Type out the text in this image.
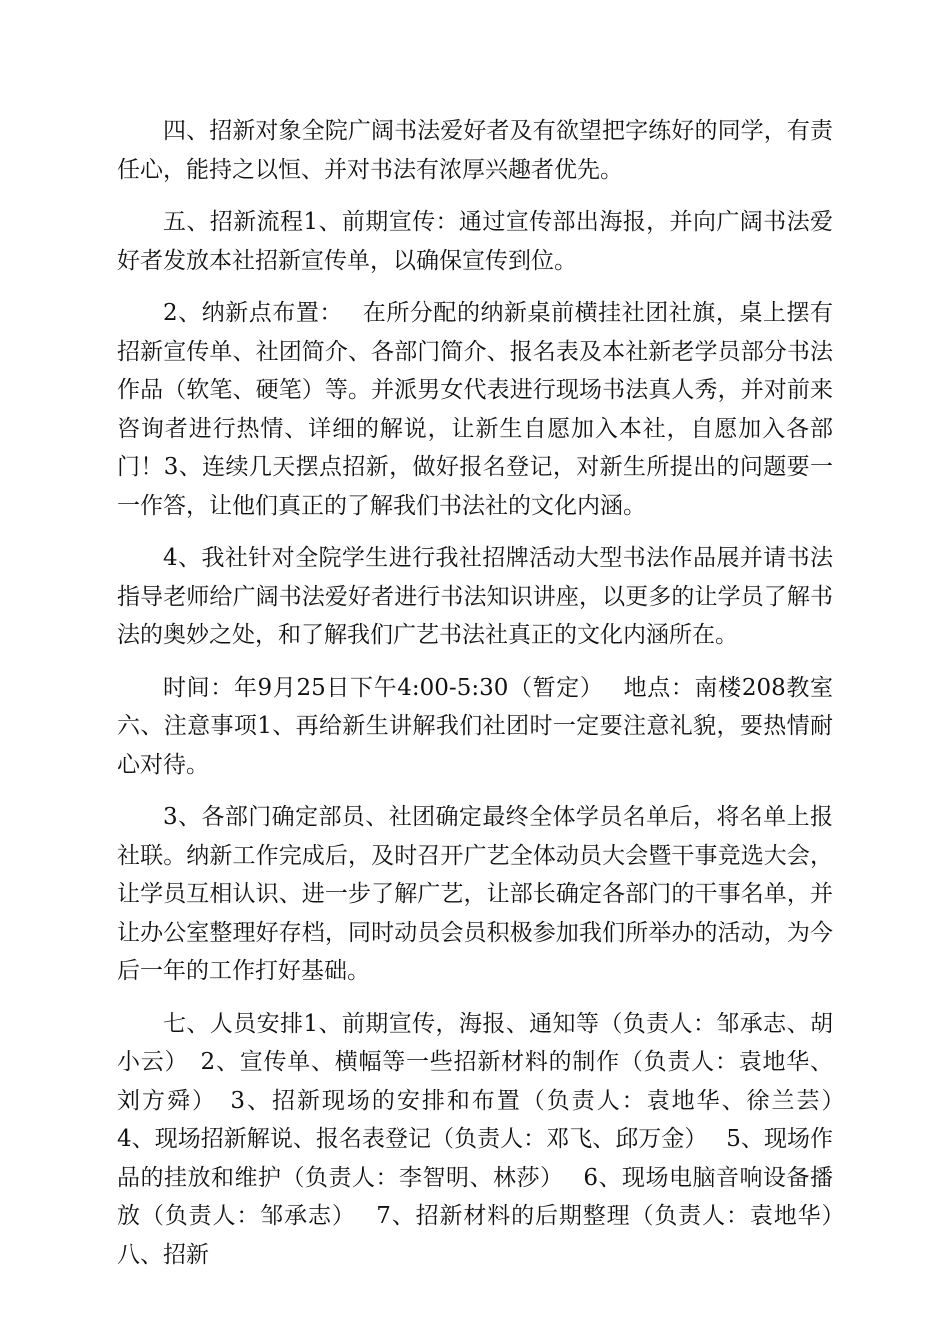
四、招新对象全院广阔书法爱好者及有欲望把字练好的同学，有责任心，能持之以恒、并对书法有浓厚兴趣者优先。

五、招新流程1、前期宣传：通过宣传部出海报，并向广阔书法爱好者发放本社招新宣传单，以确保宣传到位。

2、纳新点布置：　 在所分配的纳新桌前横挂社团社旗，桌上摆有招新宣传单、社团简介、各部门简介、报名表及本社新老学员部分书法作品（软笔、硬笔）等。并派男女代表进行现场书法真人秀，并对前来咨询者进行热情、详细的解说，让新生自愿加入本社，自愿加入各部门！3、连续几天摆点招新，做好报名登记，对新生所提出的问题要一一作答，让他们真正的了解我们书法社的文化内涵。

4、我社针对全院学生进行我社招牌活动大型书法作品展并请书法指导老师给广阔书法爱好者进行书法知识讲座，以更多的让学员了解书法的奥妙之处，和了解我们广艺书法社真正的文化内涵所在。

时间：年9月25日下午4:00-5:30（暂定）　 地点：南楼208教室六、注意事项1、再给新生讲解我们社团时一定要注意礼貌，要热情耐心对待。

3、各部门确定部员、社团确定最终全体学员名单后，将名单上报社联。纳新工作完成后，及时召开广艺全体动员大会暨干事竞选大会，让学员互相认识、进一步了解广艺，让部长确定各部门的干事名单，并让办公室整理好存档，同时动员会员积极参加我们所举办的活动，为今后一年的工作打好基础。

七、人员安排1、前期宣传，海报、通知等（负责人：邹承志、胡小云）　2、宣传单、横幅等一些招新材料的制作（负责人：袁地华、刘方舜）　3、招新现场的安排和布置（负责人：袁地华、徐兰芸）　 4、现场招新解说、报名表登记（负责人：邓飞、邱万金）　 5、现场作品的挂放和维护（负责人：李智明、林莎）　 6、现场电脑音响设备播放（负责人：邹承志）　 7、招新材料的后期整理（负责人：袁地华）　 八、招新
